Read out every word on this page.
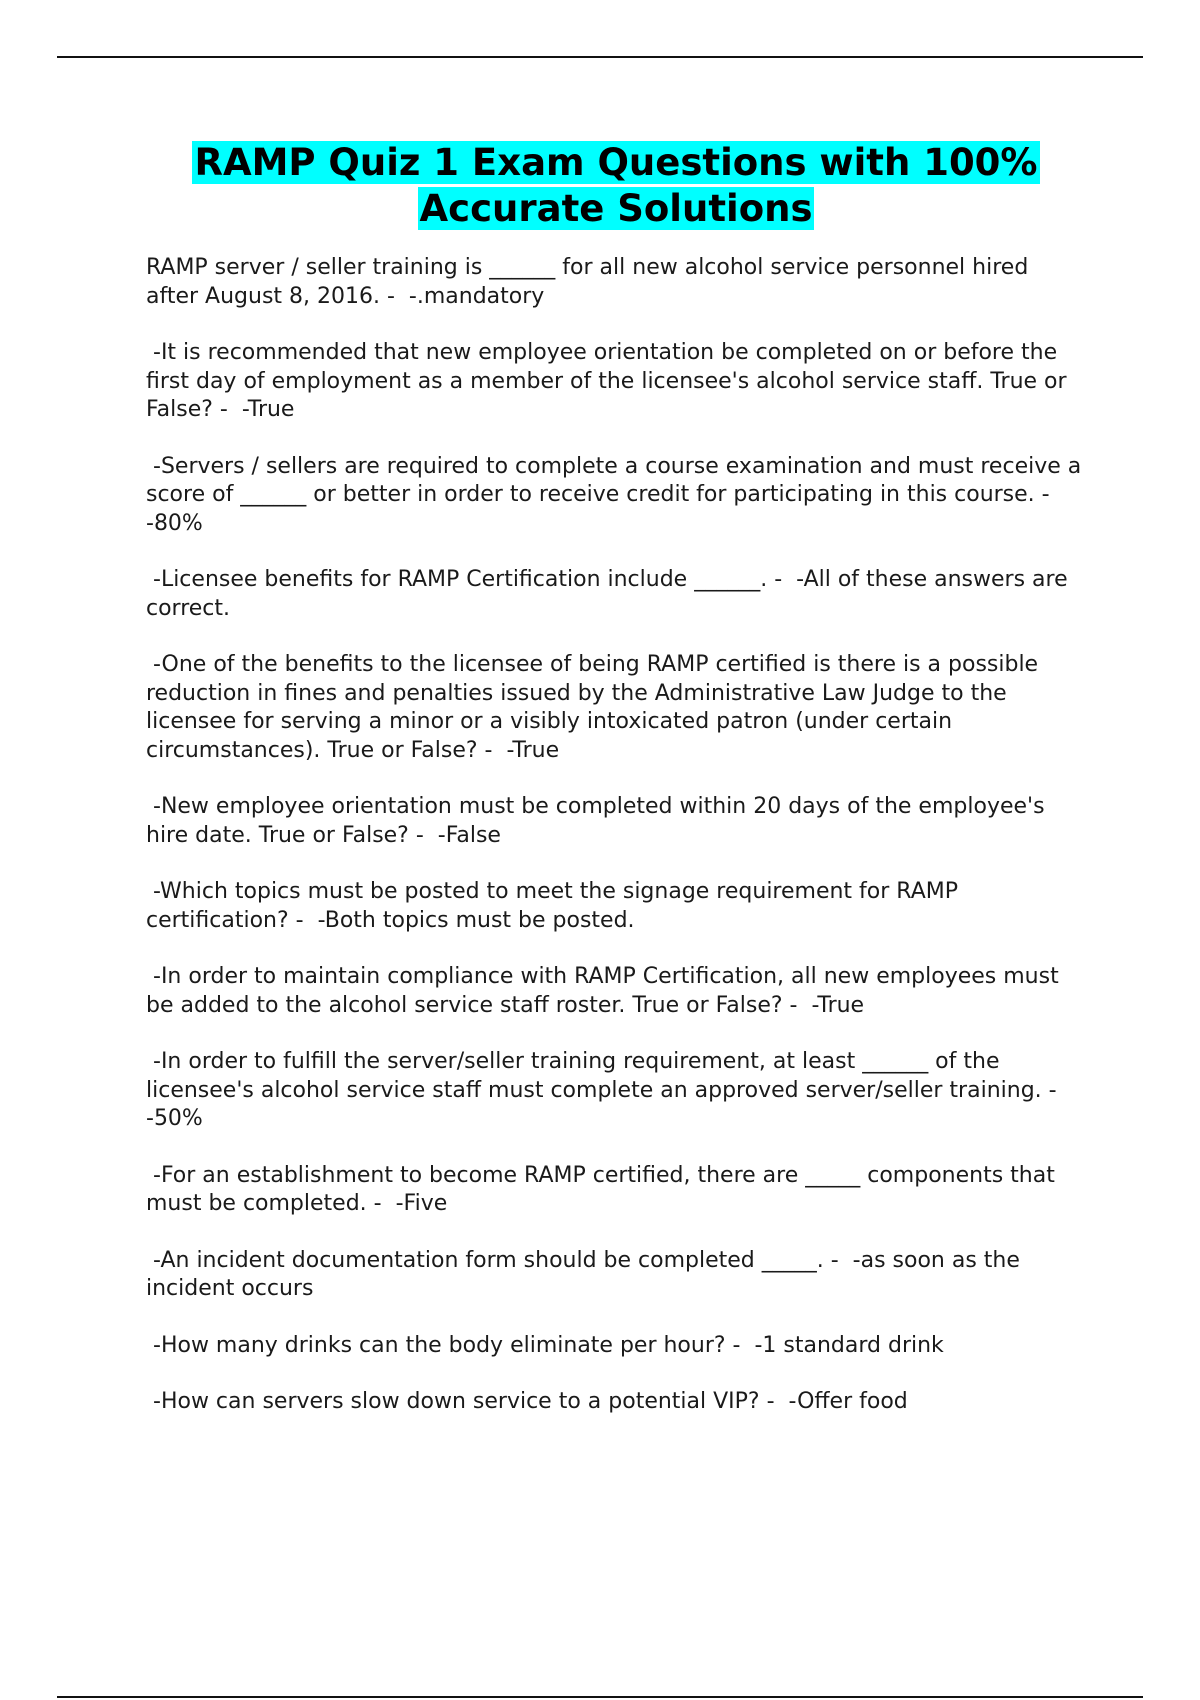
RAMP Quiz 1 Exam Questions with 100%
Accurate Solutions
RAMP server / seller training is ______ for all new alcohol service personnel hired after August 8, 2016. -  -.mandatory
-It is recommended that new employee orientation be completed on or before the first day of employment as a member of the licensee's alcohol service staff. True or False? -  -True
-Servers / sellers are required to complete a course examination and must receive a score of ______ or better in order to receive credit for participating in this course. -  -80%
-Licensee benefits for RAMP Certification include ______. -  -All of these answers are correct.
-One of the benefits to the licensee of being RAMP certified is there is a possible reduction in fines and penalties issued by the Administrative Law Judge to the licensee for serving a minor or a visibly intoxicated patron (under certain circumstances). True or False? -  -True
-New employee orientation must be completed within 20 days of the employee's hire date. True or False? -  -False
-Which topics must be posted to meet the signage requirement for RAMP certification? -  -Both topics must be posted.
-In order to maintain compliance with RAMP Certification, all new employees must be added to the alcohol service staff roster. True or False? -  -True
-In order to fulfill the server/seller training requirement, at least ______ of the licensee's alcohol service staff must complete an approved server/seller training. -  -50%
-For an establishment to become RAMP certified, there are _____ components that must be completed. -  -Five
-An incident documentation form should be completed _____. -  -as soon as the incident occurs
-How many drinks can the body eliminate per hour? -  -1 standard drink
-How can servers slow down service to a potential VIP? -  -Offer food
